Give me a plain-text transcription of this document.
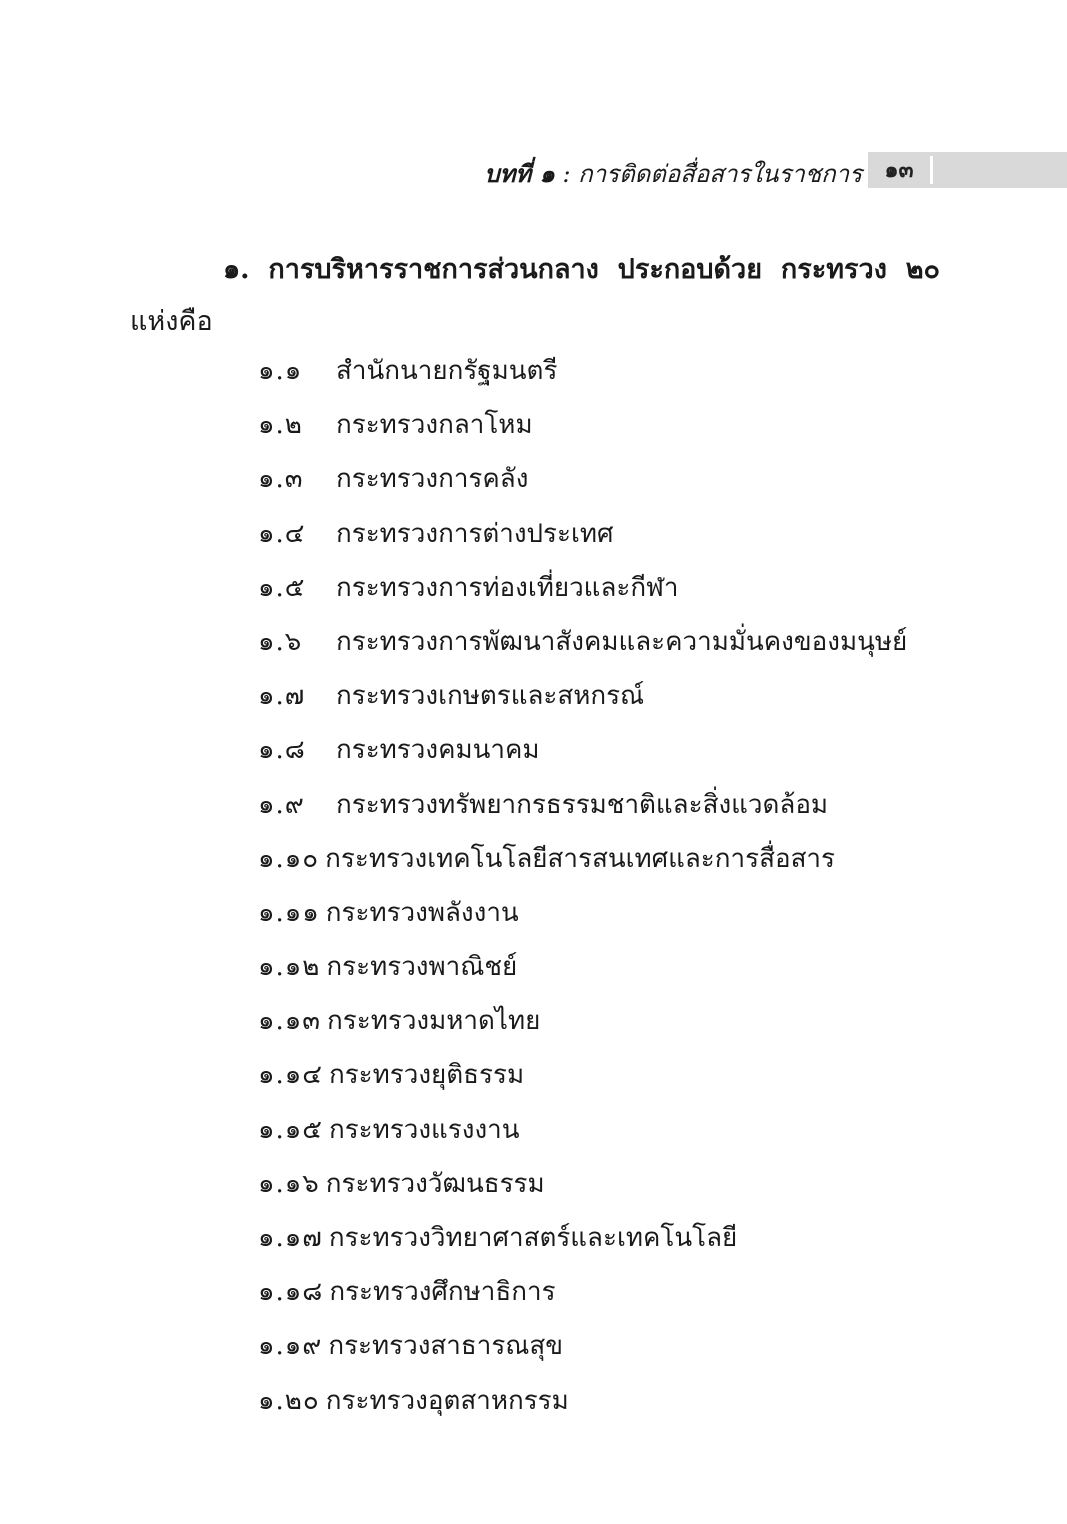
บทที่ ๑ : การติดต่อสื่อสารในราชการ	๑๓
๑. การบริหารราชการส่วนกลาง ประกอบด้วย กระทรวง ๒๐ แห่งคือ
๑.๑ สำนักนายกรัฐมนตรี
๑.๒ กระทรวงกลาโหม
๑.๓ กระทรวงการคลัง
๑.๔ กระทรวงการต่างประเทศ
๑.๕ กระทรวงการท่องเที่ยวและกีฬา
๑.๖ กระทรวงการพัฒนาสังคมและความมั่นคงของมนุษย์
๑.๗ กระทรวงเกษตรและสหกรณ์
๑.๘ กระทรวงคมนาคม
๑.๙ กระทรวงทรัพยากรธรรมชาติและสิ่งแวดล้อม
๑.๑๐ กระทรวงเทคโนโลยีสารสนเทศและการสื่อสาร
๑.๑๑ กระทรวงพลังงาน
๑.๑๒ กระทรวงพาณิชย์
๑.๑๓ กระทรวงมหาดไทย
๑.๑๔ กระทรวงยุติธรรม
๑.๑๕ กระทรวงแรงงาน
๑.๑๖ กระทรวงวัฒนธรรม
๑.๑๗ กระทรวงวิทยาศาสตร์และเทคโนโลยี
๑.๑๘ กระทรวงศึกษาธิการ
๑.๑๙ กระทรวงสาธารณสุข
๑.๒๐ กระทรวงอุตสาหกรรม
